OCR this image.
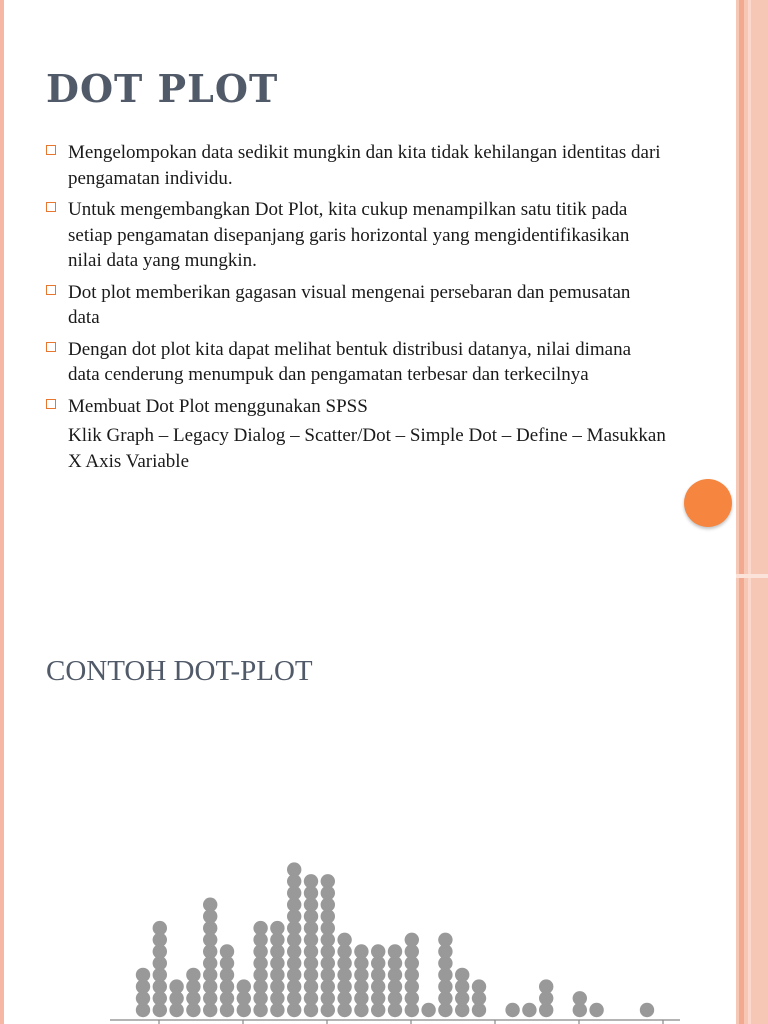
DOT PLOT
Mengelompokan data sedikit mungkin dan kita tidak kehilangan identitas dari pengamatan individu.
Untuk mengembangkan Dot Plot, kita cukup menampilkan satu titik pada setiap pengamatan disepanjang garis horizontal yang mengidentifikasikan nilai data yang mungkin.
Dot plot memberikan gagasan visual mengenai persebaran dan pemusatan data
Dengan dot plot kita dapat melihat bentuk distribusi datanya, nilai dimana data cenderung menumpuk dan pengamatan terbesar dan terkecilnya
Membuat Dot Plot menggunakan SPSS
Klik Graph – Legacy Dialog – Scatter/Dot – Simple Dot – Define – Masukkan X Axis Variable
CONTOH DOT-PLOT
